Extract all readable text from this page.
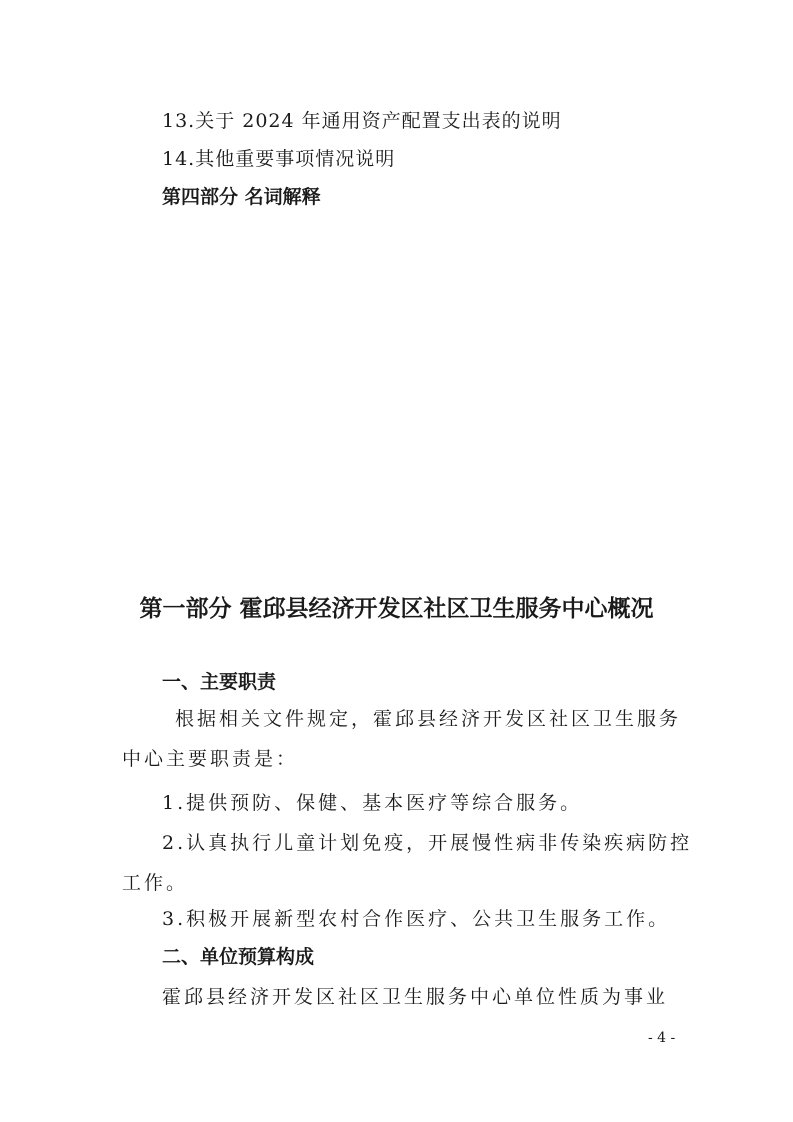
13.关于 2024 年通用资产配置支出表的说明

14.其他重要事项情况说明

第四部分 名词解释

第一部分 霍邱县经济开发区社区卫生服务中心概况

一、主要职责

根据相关文件规定，霍邱县经济开发区社区卫生服务

中心主要职责是：

1.提供预防、保健、基本医疗等综合服务。

2.认真执行儿童计划免疫，开展慢性病非传染疾病防控

工作。

3.积极开展新型农村合作医疗、公共卫生服务工作。

二、单位预算构成

霍邱县经济开发区社区卫生服务中心单位性质为事业

- 4 -
